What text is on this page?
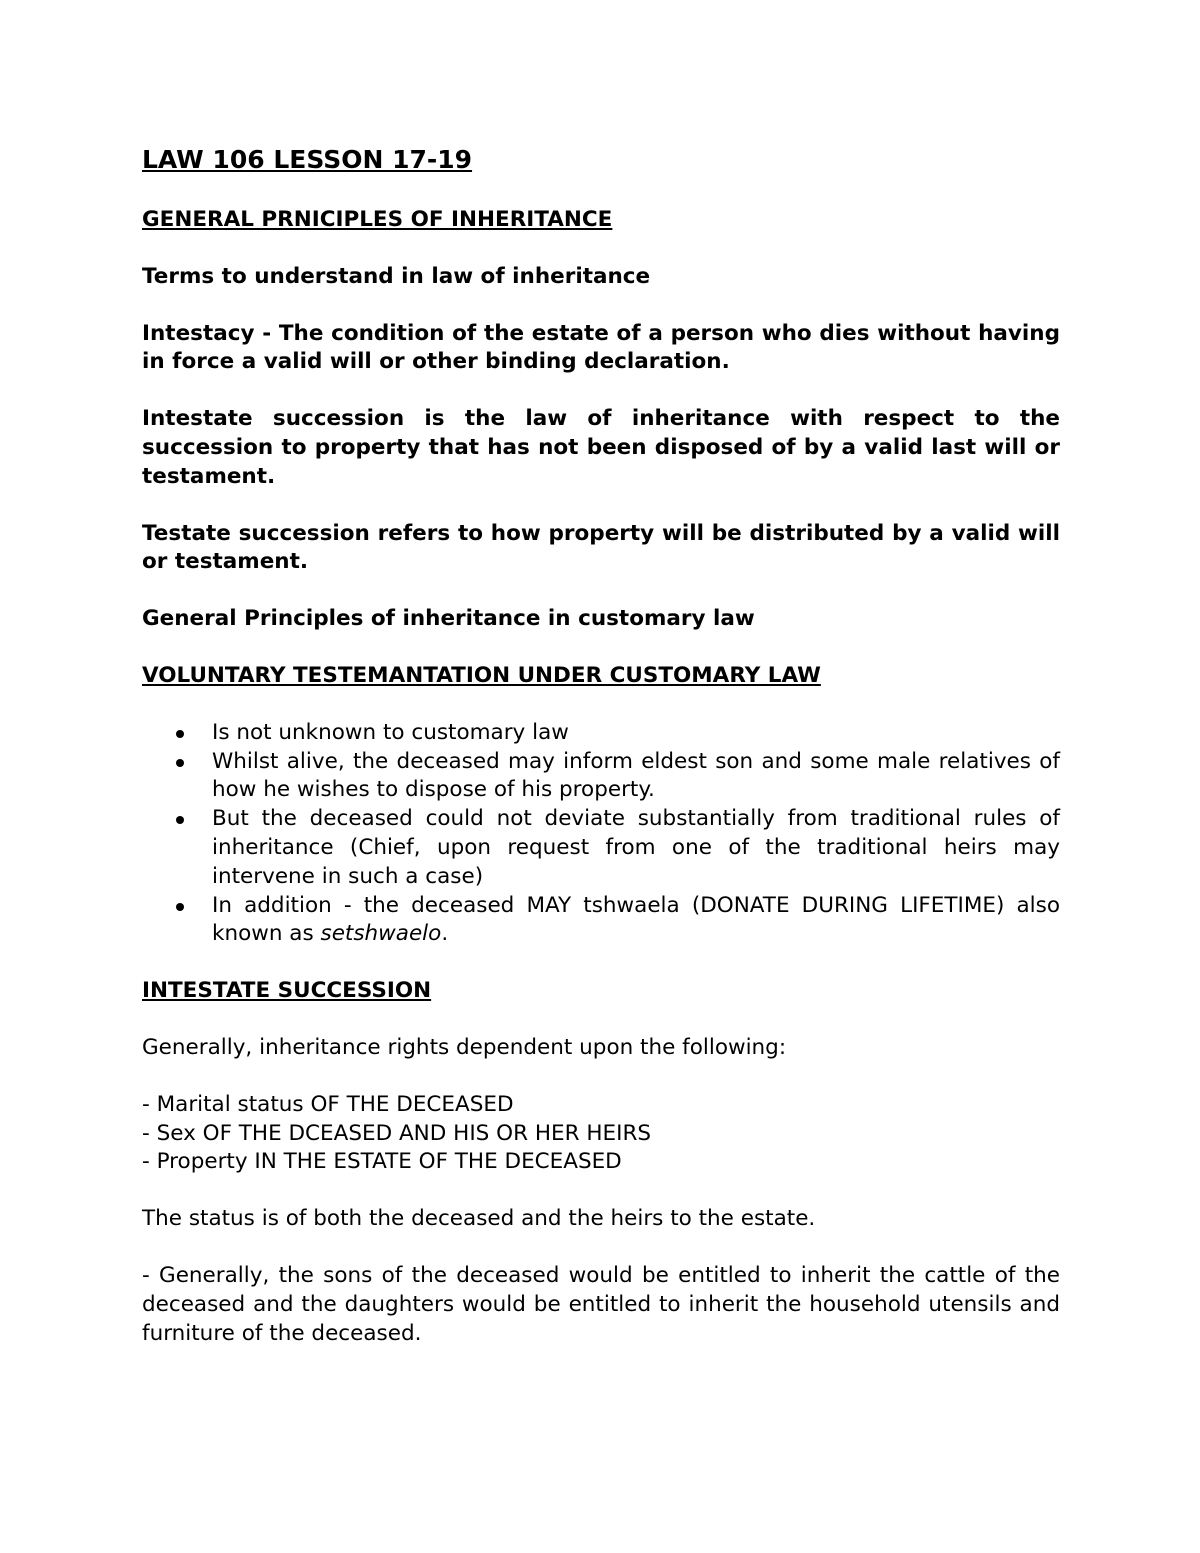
LAW 106 LESSON 17-19
GENERAL PRNICIPLES OF INHERITANCE
Terms to understand in law of inheritance
Intestacy - The condition of the estate of a person who dies without having in force a valid will or other binding declaration.
Intestate succession is the law of inheritance with respect to the succession to property that has not been disposed of by a valid last will or testament.
Testate succession refers to how property will be distributed by a valid will or testament.
General Principles of inheritance in customary law
VOLUNTARY TESTEMANTATION UNDER CUSTOMARY LAW
Is not unknown to customary law
Whilst alive, the deceased may inform eldest son and some male relatives of how he wishes to dispose of his property.
But the deceased could not deviate substantially from traditional rules of inheritance (Chief, upon request from one of the traditional heirs may intervene in such a case)
In addition - the deceased MAY tshwaela (DONATE DURING LIFETIME) also known as setshwaelo.
INTESTATE SUCCESSION
Generally, inheritance rights dependent upon the following:
- Marital status OF THE DECEASED
- Sex OF THE DCEASED AND HIS OR HER HEIRS
- Property IN THE ESTATE OF THE DECEASED
The status is of both the deceased and the heirs to the estate.
- Generally, the sons of the deceased would be entitled to inherit the cattle of the deceased and the daughters would be entitled to inherit the household utensils and furniture of the deceased.
